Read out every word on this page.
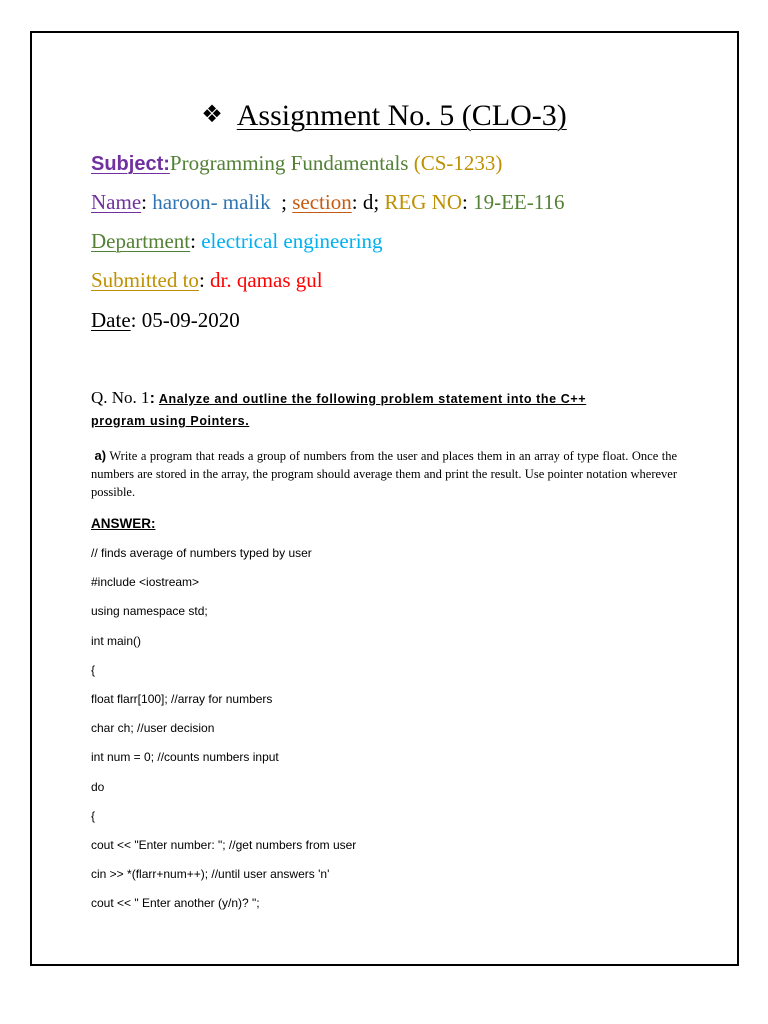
❖ Assignment No. 5 (CLO-3)
Subject:Programming Fundamentals (CS-1233)
Name: haroon- malik  ; section: d; REG NO: 19-EE-116
Department: electrical engineering
Submitted to: dr. qamas gul
Date: 05-09-2020
Q. No. 1: Analyze and outline the following problem statement into the C++
program using Pointers.
a) Write a program that reads a group of numbers from the user and places them in an array of type float. Once the numbers are stored in the array, the program should average them and print the result. Use pointer notation wherever possible.
ANSWER:
// finds average of numbers typed by user
#include <iostream>
using namespace std;
int main()
{
float flarr[100]; //array for numbers
char ch; //user decision
int num = 0; //counts numbers input
do
{
cout << "Enter number: "; //get numbers from user
cin >> *(flarr+num++); //until user answers 'n'
cout << " Enter another (y/n)? ";
